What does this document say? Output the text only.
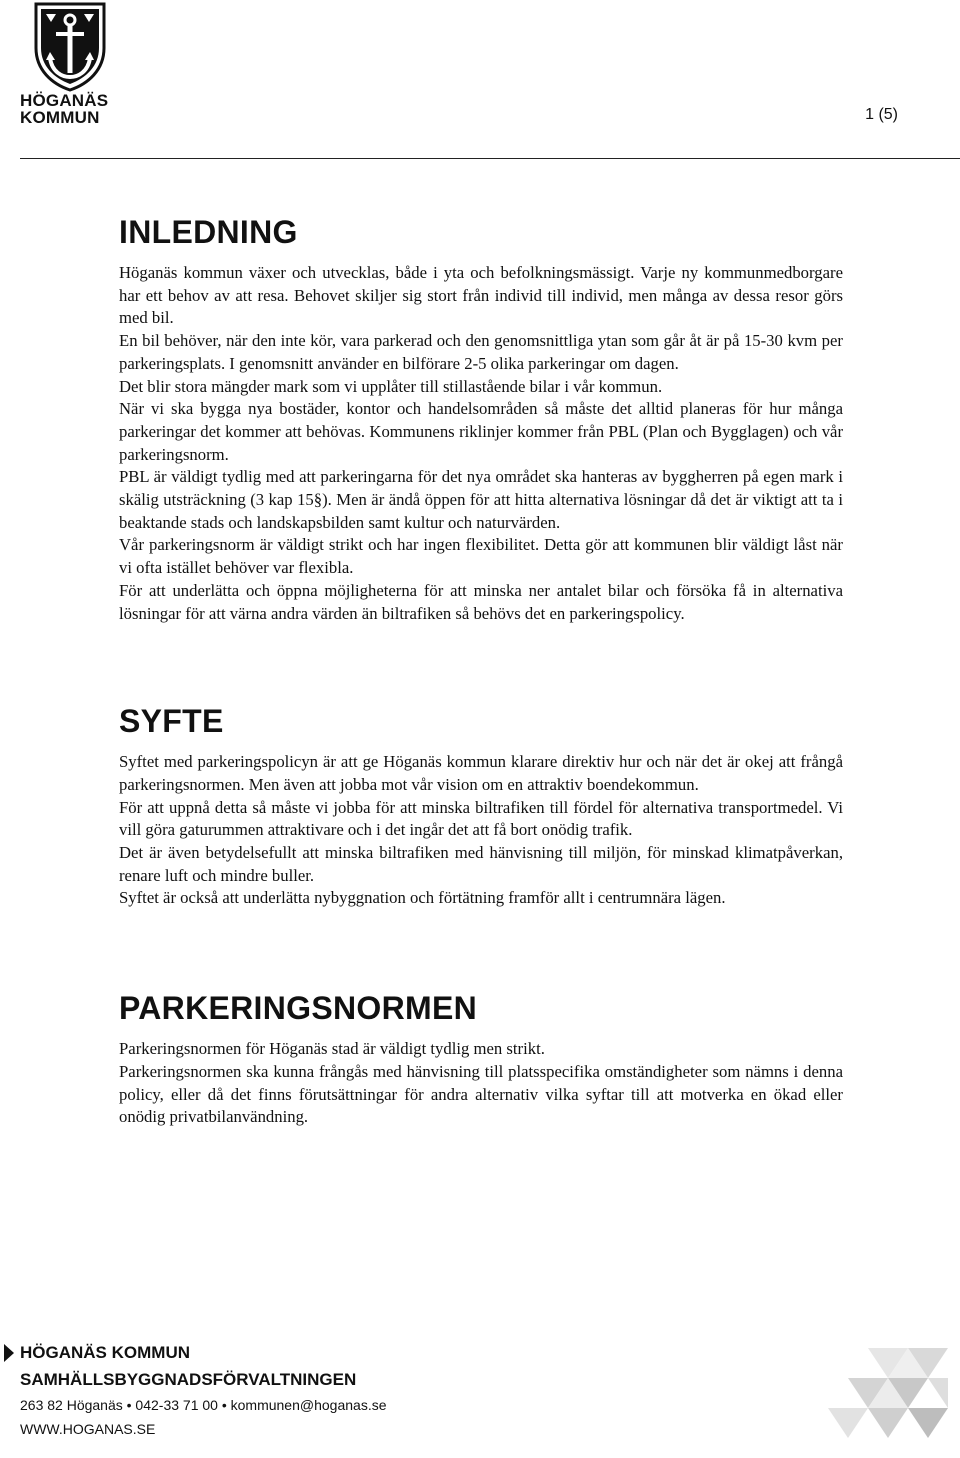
HÖGANÄS
KOMMUN	1 (5)
INLEDNING

Höganäs kommun växer och utvecklas, både i yta och befolkningsmässigt. Varje ny kommunmedborgare har ett behov av att resa. Behovet skiljer sig stort från individ till individ, men många av dessa resor görs med bil.

En bil behöver, när den inte kör, vara parkerad och den genomsnittliga ytan som går åt är på 15-30 kvm per parkeringsplats. I genomsnitt använder en bilförare 2-5 olika parkeringar om dagen.

Det blir stora mängder mark som vi upplåter till stillastående bilar i vår kommun.

När vi ska bygga nya bostäder, kontor och handelsområden så måste det alltid planeras för hur många parkeringar det kommer att behövas. Kommunens riklinjer kommer från PBL (Plan och Bygglagen) och vår parkeringsnorm.

PBL är väldigt tydlig med att parkeringarna för det nya området ska hanteras av byggherren på egen mark i skälig utsträckning (3 kap 15§). Men är ändå öppen för att hitta alternativa lösningar då det är viktigt att ta i beaktande stads och landskapsbilden samt kultur och naturvärden.

Vår parkeringsnorm är väldigt strikt och har ingen flexibilitet. Detta gör att kommunen blir väldigt låst när vi ofta istället behöver var flexibla.

För att underlätta och öppna möjligheterna för att minska ner antalet bilar och försöka få in alternativa lösningar för att värna andra värden än biltrafiken så behövs det en parkeringspolicy.

SYFTE

Syftet med parkeringspolicyn är att ge Höganäs kommun klarare direktiv hur och när det är okej att frångå parkeringsnormen. Men även att jobba mot vår vision om en attraktiv boendekommun.

För att uppnå detta så måste vi jobba för att minska biltrafiken till fördel för alternativa transportmedel. Vi vill göra gaturummen attraktivare och i det ingår det att få bort onödig trafik.

Det är även betydelsefullt att minska biltrafiken med hänvisning till miljön, för minskad klimatpåverkan, renare luft och mindre buller.

Syftet är också att underlätta nybyggnation och förtätning framför allt i centrumnära lägen.

PARKERINGSNORMEN

Parkeringsnormen för Höganäs stad är väldigt tydlig men strikt.

Parkeringsnormen ska kunna frångås med hänvisning till platsspecifika omständigheter som nämns i denna policy, eller då det finns förutsättningar för andra alternativ vilka syftar till att motverka en ökad eller onödig privatbilanvändning.

HÖGANÄS KOMMUN
SAMHÄLLSBYGGNADSFÖRVALTNINGEN
263 82 Höganäs • 042-33 71 00 • kommunen@hoganas.se
WWW.HOGANAS.SE
